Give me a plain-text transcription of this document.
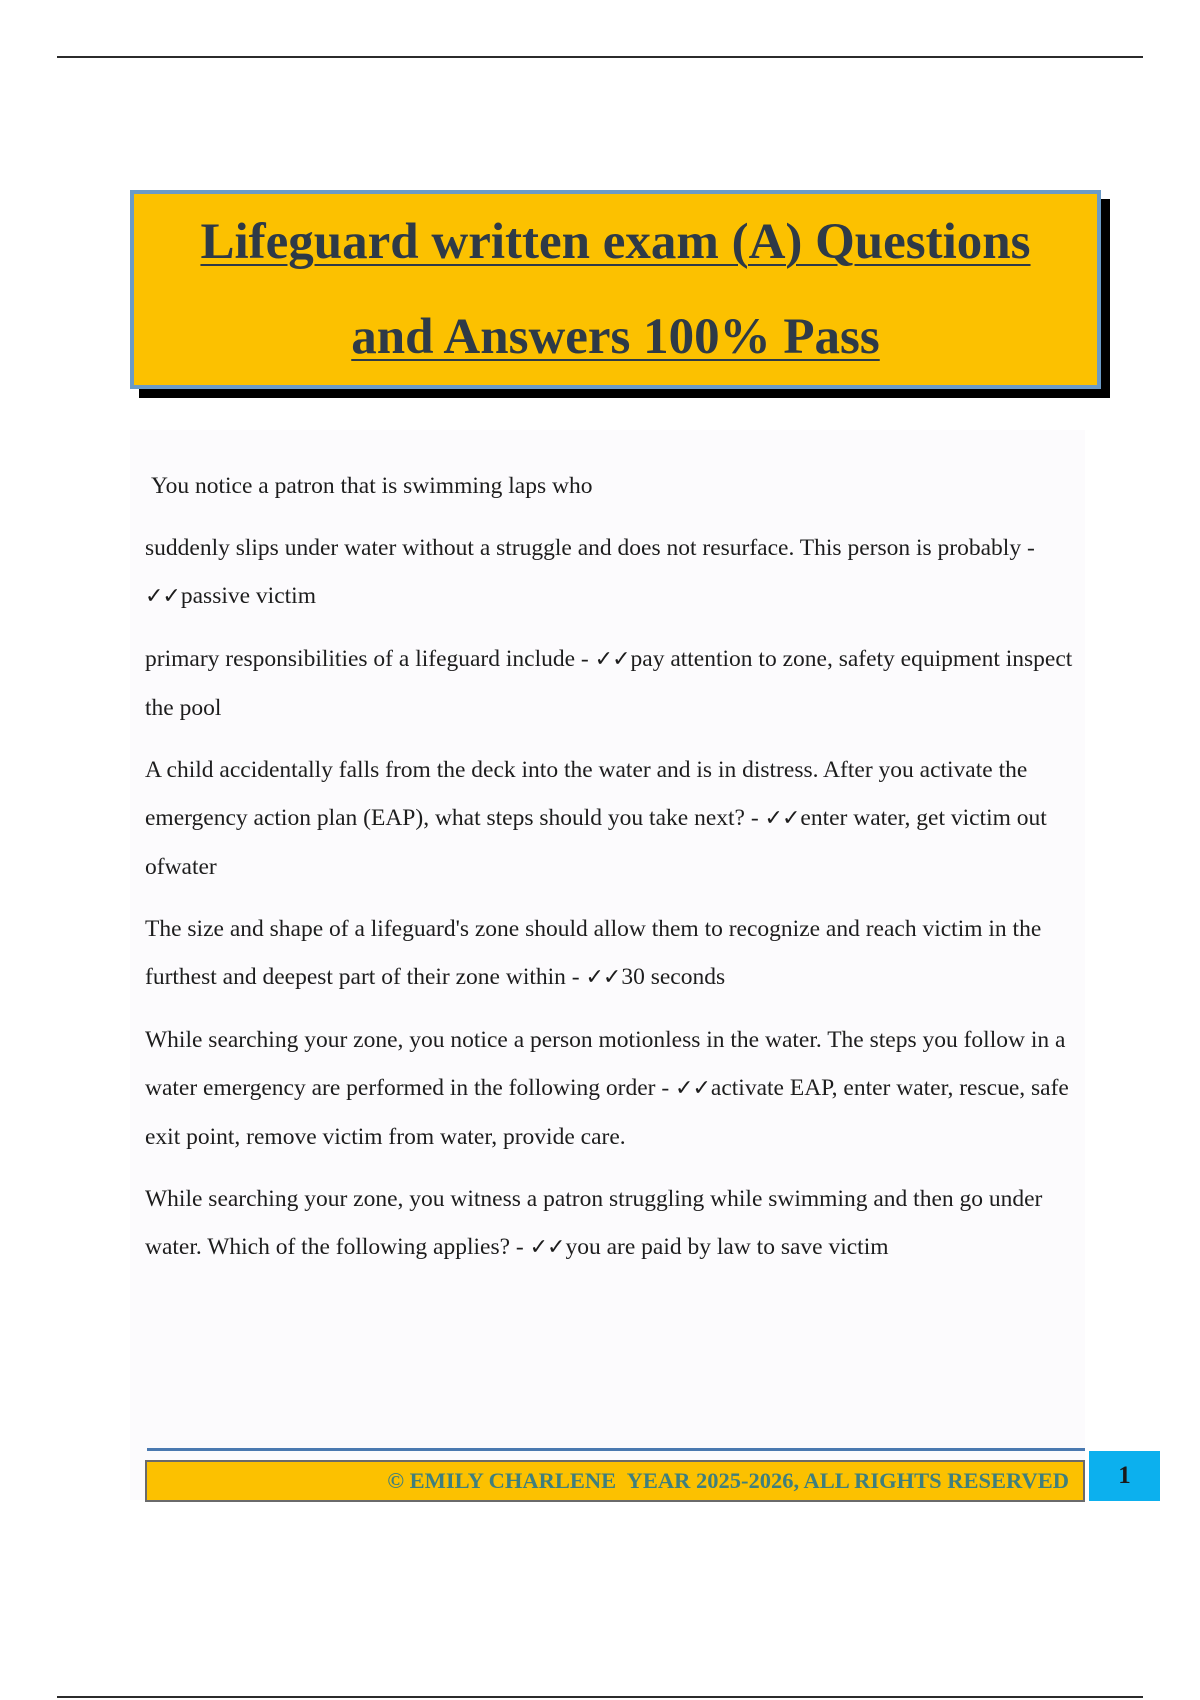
Lifeguard written exam (A) Questions
and Answers 100% Pass

You notice a patron that is swimming laps who

suddenly slips under water without a struggle and does not resurface. This person is probably - ✓✓passive victim

primary responsibilities of a lifeguard include - ✓✓pay attention to zone, safety equipment inspect the pool

A child accidentally falls from the deck into the water and is in distress. After you activate the emergency action plan (EAP), what steps should you take next? - ✓✓enter water, get victim out ofwater

The size and shape of a lifeguard's zone should allow them to recognize and reach victim in the furthest and deepest part of their zone within - ✓✓30 seconds

While searching your zone, you notice a person motionless in the water. The steps you follow in a water emergency are performed in the following order - ✓✓activate EAP, enter water, rescue, safe exit point, remove victim from water, provide care.

While searching your zone, you witness a patron struggling while swimming and then go under water. Which of the following applies? - ✓✓you are paid by law to save victim

© EMILY CHARLENE  YEAR 2025-2026, ALL RIGHTS RESERVED 1
